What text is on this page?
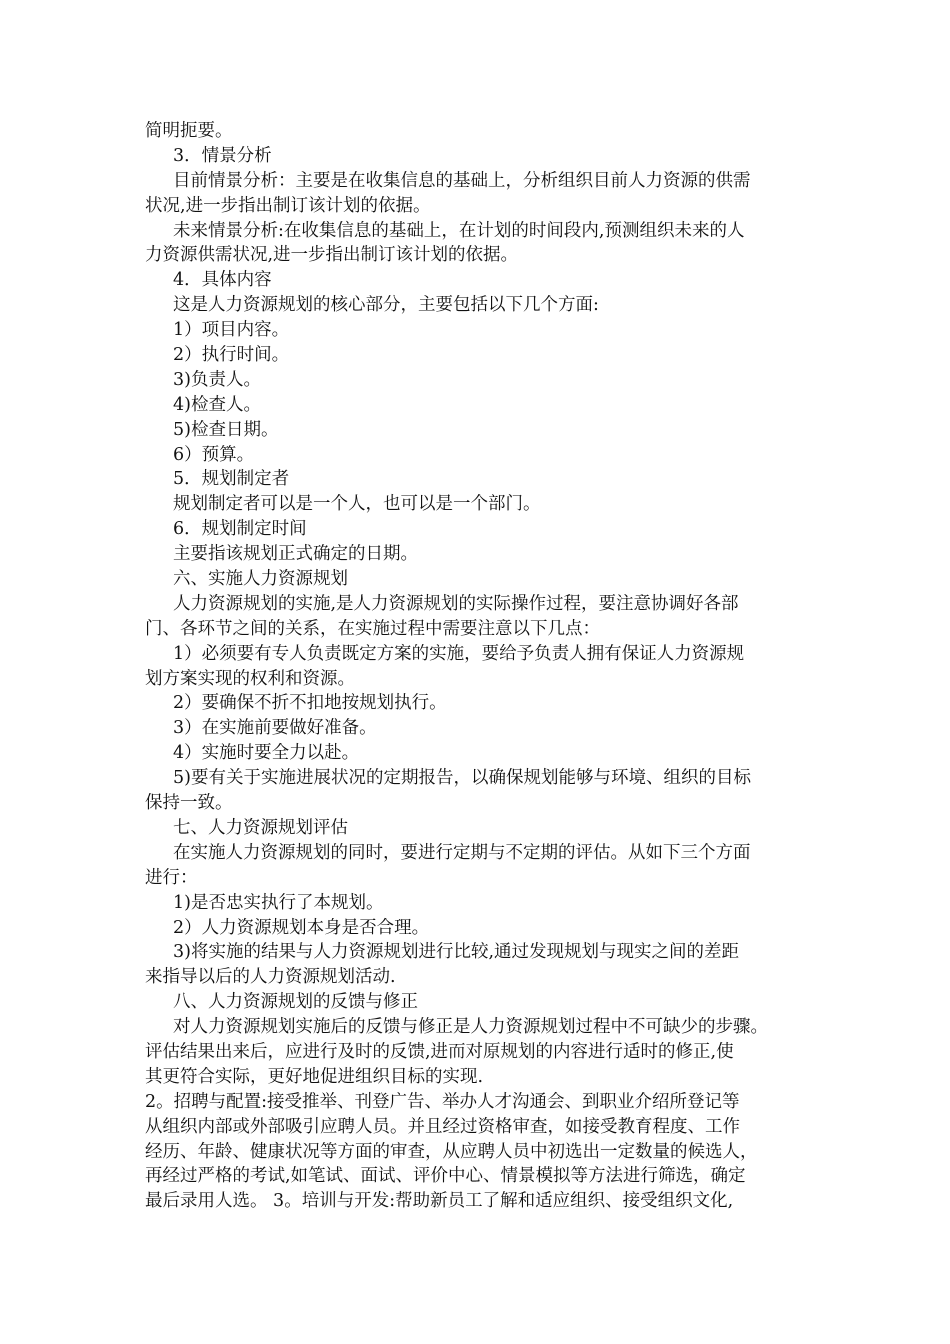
简明扼要。
3．情景分析
目前情景分析：主要是在收集信息的基础上，分析组织目前人力资源的供需
状况,进一步指出制订该计划的依据。
未来情景分析:在收集信息的基础上，在计划的时间段内,预测组织未来的人
力资源供需状况,进一步指出制订该计划的依据。
4．具体内容
这是人力资源规划的核心部分，主要包括以下几个方面:
1）项目内容。
2）执行时间。
3)负责人。
4)检查人。
5)检查日期。
6）预算。
5．规划制定者
规划制定者可以是一个人，也可以是一个部门。
6．规划制定时间
主要指该规划正式确定的日期。
六、实施人力资源规划
人力资源规划的实施,是人力资源规划的实际操作过程，要注意协调好各部
门、各环节之间的关系，在实施过程中需要注意以下几点：
1）必须要有专人负责既定方案的实施，要给予负责人拥有保证人力资源规
划方案实现的权利和资源。
2）要确保不折不扣地按规划执行。
3）在实施前要做好准备。
4）实施时要全力以赴。
5)要有关于实施进展状况的定期报告，以确保规划能够与环境、组织的目标
保持一致。
七、人力资源规划评估
在实施人力资源规划的同时，要进行定期与不定期的评估。从如下三个方面
进行：
1)是否忠实执行了本规划。
2）人力资源规划本身是否合理。
3)将实施的结果与人力资源规划进行比较,通过发现规划与现实之间的差距
来指导以后的人力资源规划活动.
八、人力资源规划的反馈与修正
对人力资源规划实施后的反馈与修正是人力资源规划过程中不可缺少的步骤。
评估结果出来后，应进行及时的反馈,进而对原规划的内容进行适时的修正,使
其更符合实际，更好地促进组织目标的实现.
2。招聘与配置:接受推举、刊登广告、举办人才沟通会、到职业介绍所登记等
从组织内部或外部吸引应聘人员。并且经过资格审查，如接受教育程度、工作
经历、年龄、健康状况等方面的审查，从应聘人员中初选出一定数量的候选人，
再经过严格的考试,如笔试、面试、评价中心、情景模拟等方法进行筛选，确定
最后录用人选。 3。培训与开发:帮助新员工了解和适应组织、接受组织文化,
